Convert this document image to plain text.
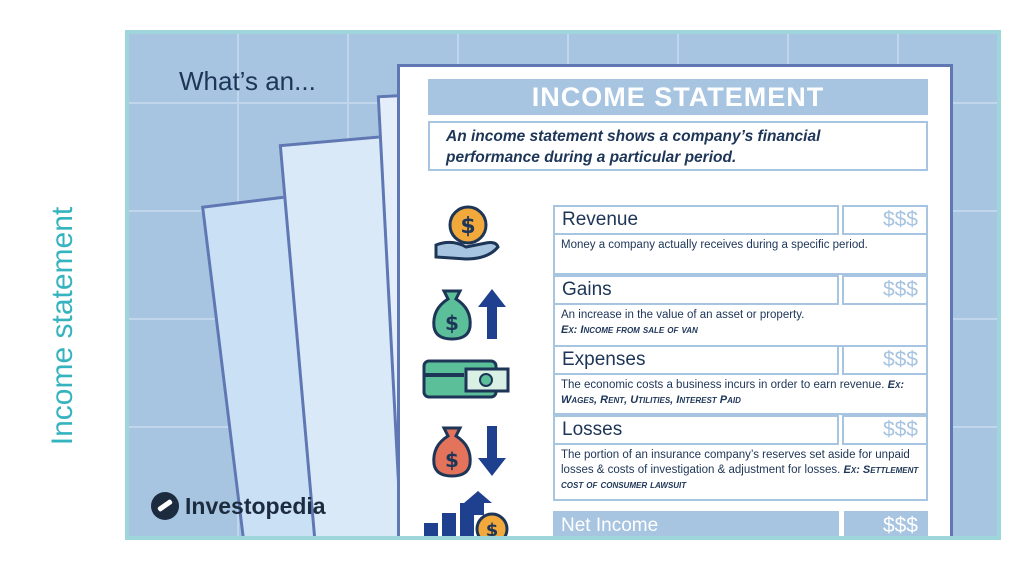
Income statement
What’s an...
Investopedia
INCOME STATEMENT
An income statement shows a company’s financial performance during a particular period.
$
$
$
$
Revenue	$$$
Money a company actually receives during a specific period.
Gains	$$$
An increase in the value of an asset or property.
Ex: Income from sale of van
Expenses	$$$
The economic costs a business incurs in order to earn revenue. Ex: Wages, Rent, Utilities, Interest Paid
Losses	$$$
The portion of an insurance company’s reserves set aside for unpaid losses & costs of investigation & adjustment for losses. Ex: Settlement cost of consumer lawsuit
Net Income	$$$
